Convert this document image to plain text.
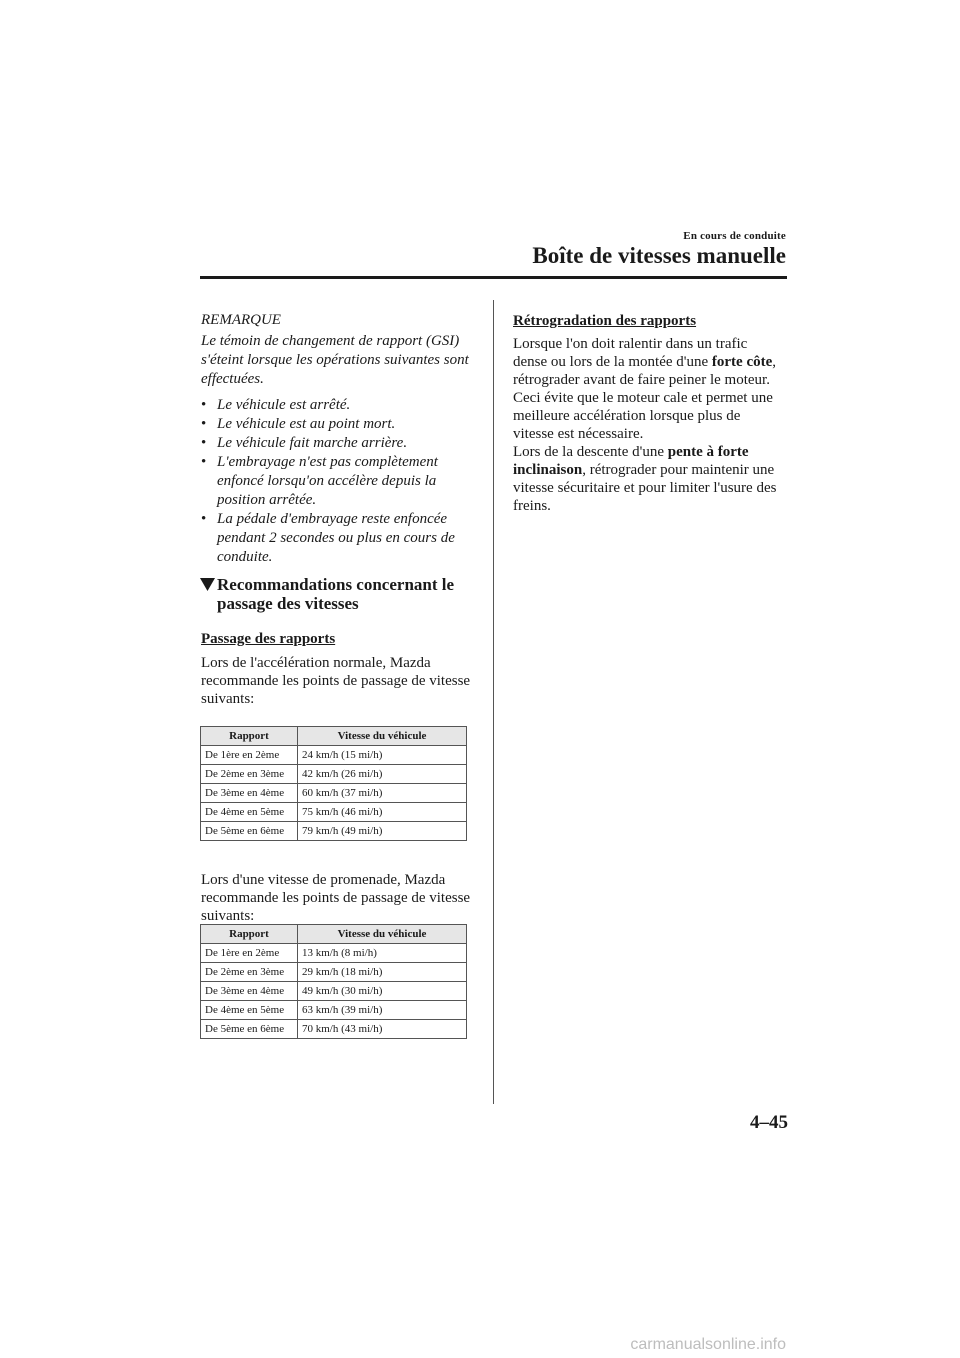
En cours de conduite
Boîte de vitesses manuelle
REMARQUE
Le témoin de changement de rapport (GSI) s'éteint lorsque les opérations suivantes sont effectuées.
• Le véhicule est arrêté.
• Le véhicule est au point mort.
• Le véhicule fait marche arrière.
• L'embrayage n'est pas complètement enfoncé lorsqu'on accélère depuis la position arrêtée.
• La pédale d'embrayage reste enfoncée pendant 2 secondes ou plus en cours de conduite.
Recommandations concernant le passage des vitesses
Passage des rapports
Lors de l'accélération normale, Mazda recommande les points de passage de vitesse suivants:
Rapport	Vitesse du véhicule
De 1ère en 2ème	24 km/h (15 mi/h)
De 2ème en 3ème	42 km/h (26 mi/h)
De 3ème en 4ème	60 km/h (37 mi/h)
De 4ème en 5ème	75 km/h (46 mi/h)
De 5ème en 6ème	79 km/h (49 mi/h)
Lors d'une vitesse de promenade, Mazda recommande les points de passage de vitesse suivants:
Rapport	Vitesse du véhicule
De 1ère en 2ème	13 km/h (8 mi/h)
De 2ème en 3ème	29 km/h (18 mi/h)
De 3ème en 4ème	49 km/h (30 mi/h)
De 4ème en 5ème	63 km/h (39 mi/h)
De 5ème en 6ème	70 km/h (43 mi/h)
Rétrogradation des rapports
Lorsque l'on doit ralentir dans un trafic dense ou lors de la montée d'une forte côte, rétrograder avant de faire peiner le moteur. Ceci évite que le moteur cale et permet une meilleure accélération lorsque plus de vitesse est nécessaire.
Lors de la descente d'une pente à forte inclinaison, rétrograder pour maintenir une vitesse sécuritaire et pour limiter l'usure des freins.
4–45
carmanualsonline.info
